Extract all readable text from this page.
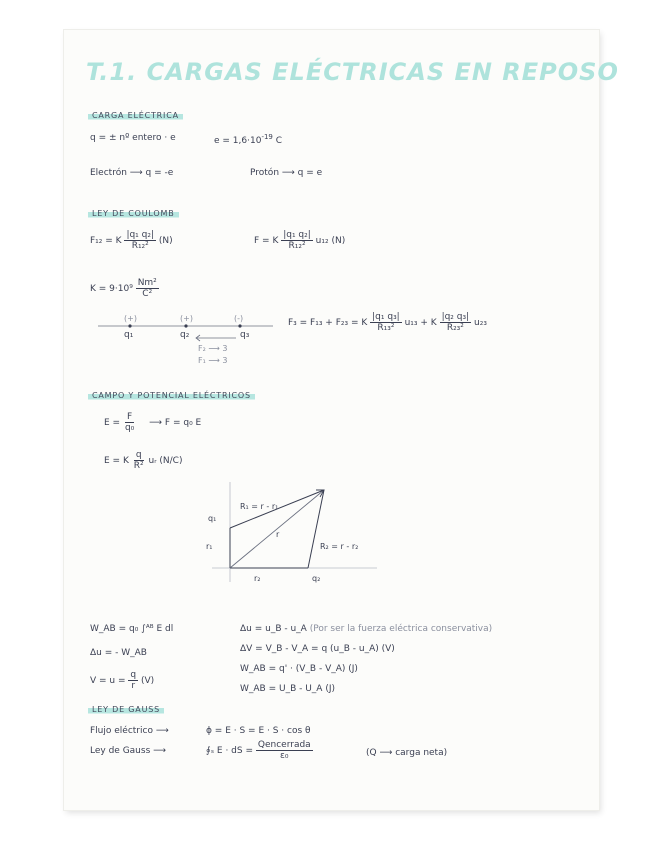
T.1. CARGAS ELÉCTRICAS EN REPOSO
CARGA ELÉCTRICA
q = ± nº entero · e	$e = 1,6\cdot 10^{-19}$ C
Electrón ⟶ q = -e	Protón ⟶ q = e
LEY DE COULOMB
F₁₂ = K $\frac{\text{|q₁ q₂|}}{\text{R₁₂²}} (N)$	F = K $\frac{\text{|q₁ q₂|}}{\text{R₁₂²}} u_{12}$ (N)
$K = 9\cdot 10^9 \frac{\text{Nm²}}{\text{C²}}$
(+)	(+)	(-)
q₁	q₂	q₃
F₂ ⟶ 3
F₁ ⟶ 3
F₃ = F₁₃ + F₂₃ = K $\frac{\text{|q₁ q₃|}}{\text{R₁₃²}} u_{13} + K \frac{\text{|q₂ q₃|}}{\text{R₂₃²}} u_{23}$
CAMPO Y POTENCIAL ELÉCTRICOS
$E = \frac{F}{\text{q₀}}$ ⟶ F = q₀ E
E = K $\frac{q}{\text{R²}}$ uᵣ (N/C)
q₁
r₁
r₂	q₂
r
R₁ = r - r₁
R₂ = r - r₂
W_AB = q₀ ∫ᴬᴮ E dl	Δu = u_B - u_A (Por ser la fuerza eléctrica conservativa)
Δu = - W_AB	ΔV = V_B - V_A = q (u_B - u_A) (V)
$V = u = \frac{q}{r} (V)$
W_AB = q' · (V_B - V_A) (J)
W_AB = U_B - U_A (J)
LEY DE GAUSS
Flujo eléctrico ⟶	ϕ = E · S = E · S · cos θ
Ley de Gauss ⟶	∮ₛ E · dS = $\frac{\text{Qencerrada}}{\text{ε₀}}$	(Q ⟶ carga neta)
